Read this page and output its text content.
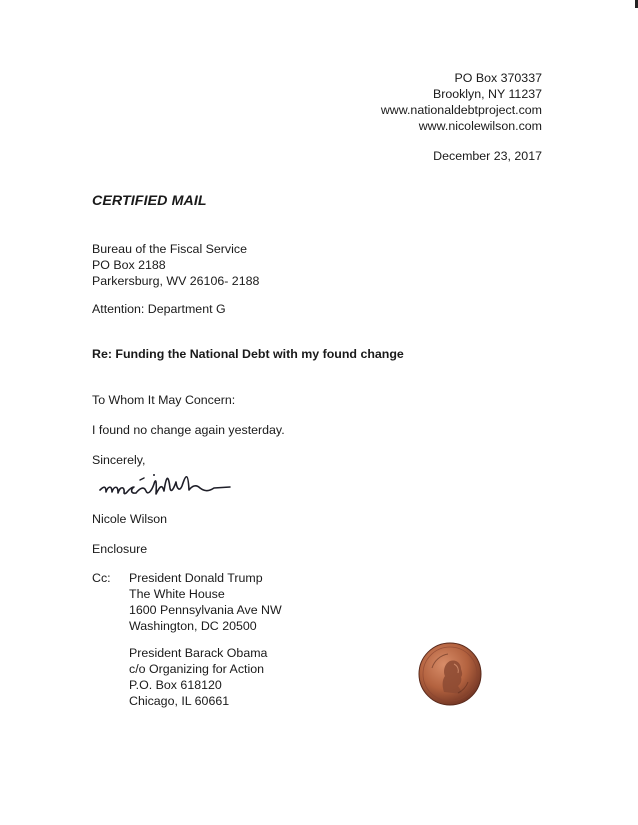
PO Box 370337
Brooklyn, NY 11237
www.nationaldebtproject.com
www.nicolewilson.com
December 23, 2017
CERTIFIED MAIL
Bureau of the Fiscal Service
PO Box 2188
Parkersburg, WV 26106- 2188
Attention: Department G
Re: Funding the National Debt with my found change
To Whom It May Concern:
I found no change again yesterday.
Sincerely,
Nicole Wilson
Enclosure
Cc: President Donald Trump
The White House
1600 Pennsylvania Ave NW
Washington, DC 20500
President Barack Obama
c/o Organizing for Action
P.O. Box 618120
Chicago, IL 60661
